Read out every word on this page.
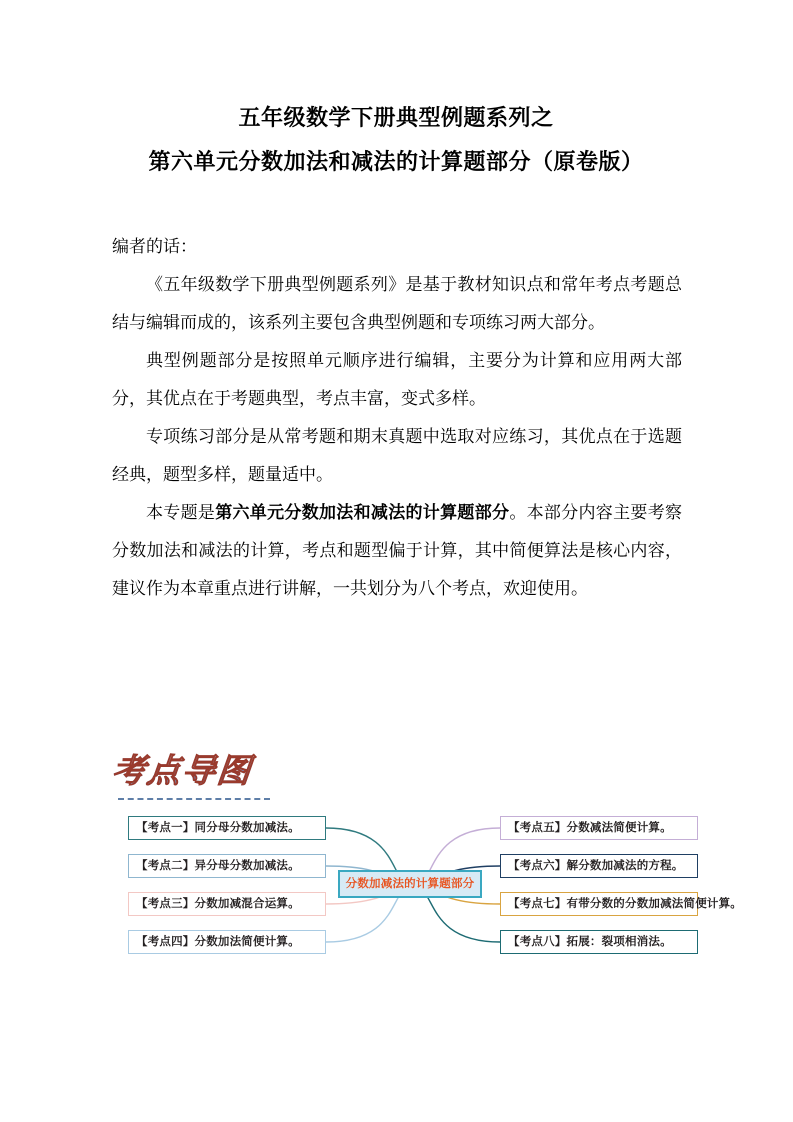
五年级数学下册典型例题系列之
第六单元分数加法和减法的计算题部分（原卷版）

编者的话：

《五年级数学下册典型例题系列》是基于教材知识点和常年考点考题总结与编辑而成的，该系列主要包含典型例题和专项练习两大部分。

典型例题部分是按照单元顺序进行编辑，主要分为计算和应用两大部分，其优点在于考题典型，考点丰富，变式多样。

专项练习部分是从常考题和期末真题中选取对应练习，其优点在于选题经典，题型多样，题量适中。

本专题是第六单元分数加法和减法的计算题部分。本部分内容主要考察分数加法和减法的计算，考点和题型偏于计算，其中简便算法是核心内容，建议作为本章重点进行讲解，一共划分为八个考点，欢迎使用。

考点导图
【考点一】同分母分数加减法。
【考点二】异分母分数加减法。
【考点三】分数加减混合运算。
【考点四】分数加法简便计算。
分数加减法的计算题部分
【考点五】分数减法简便计算。
【考点六】解分数加减法的方程。
【考点七】有带分数的分数加减法简便计算。
【考点八】拓展：裂项相消法。
